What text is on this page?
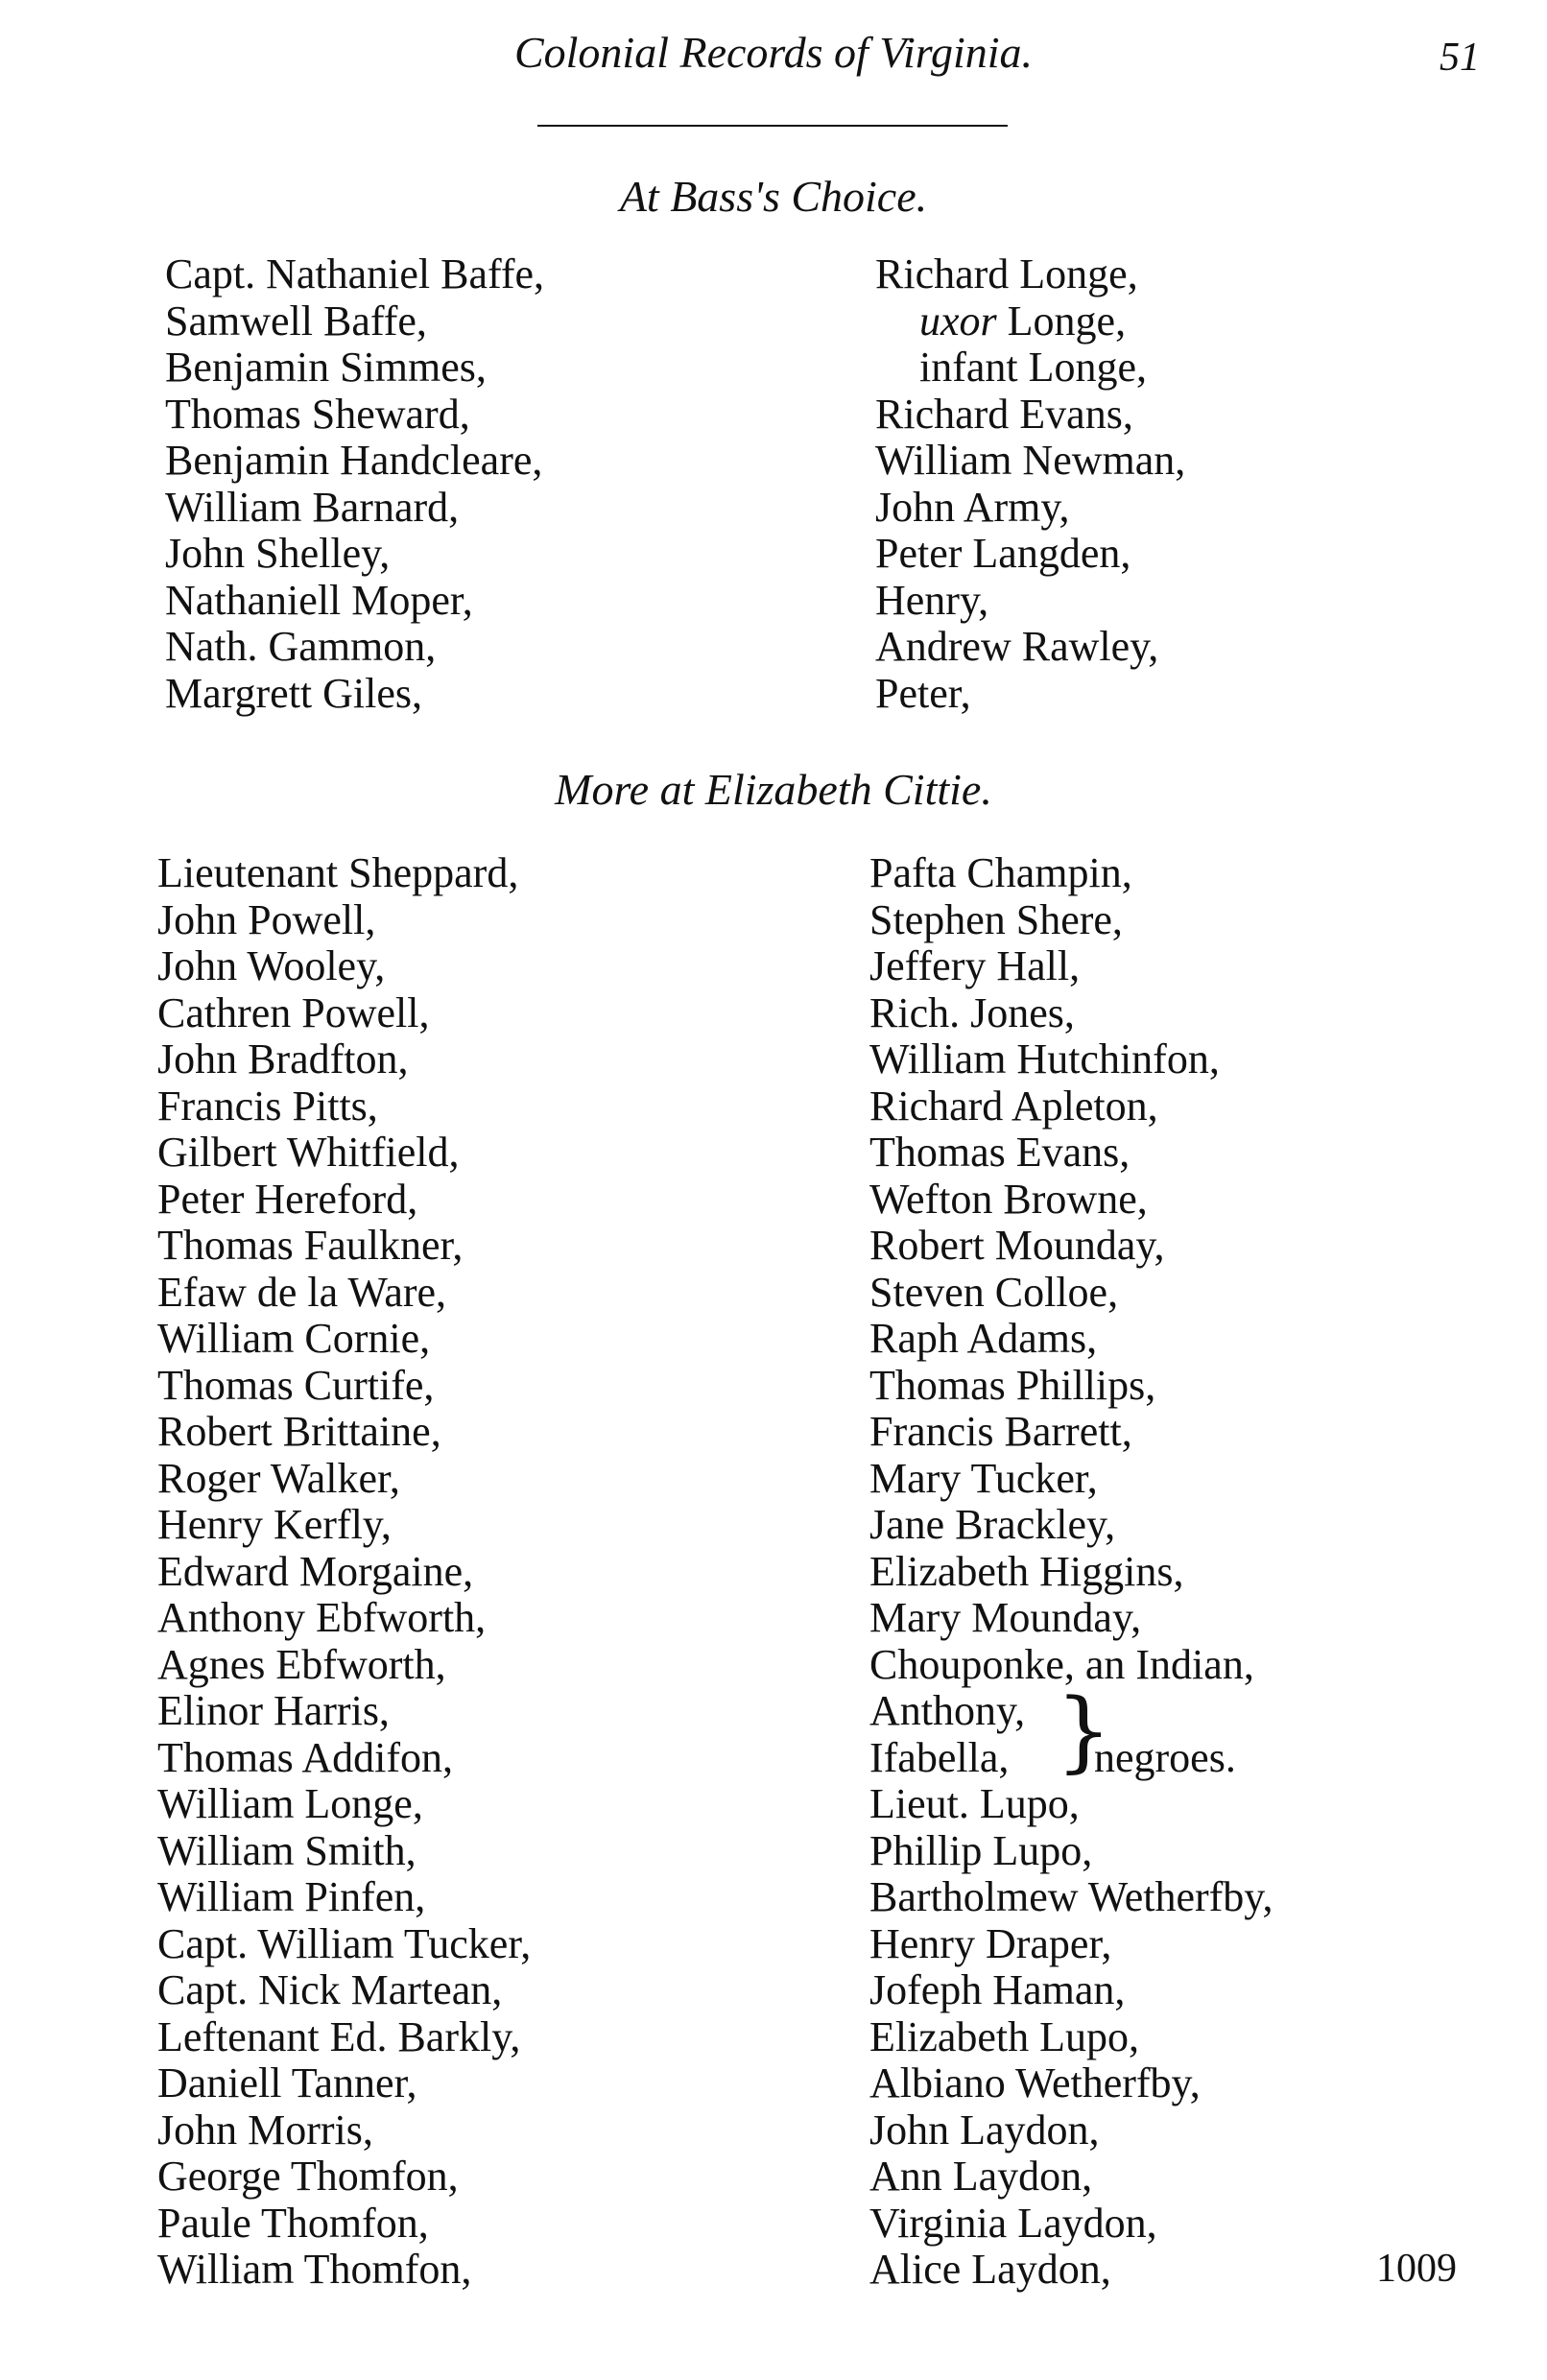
Colonial Records of Virginia.	51
At Bass's Choice.
Capt. Nathaniel Baffe,
Samwell Baffe,
Benjamin Simmes,
Thomas Sheward,
Benjamin Handcleare,
William Barnard,
John Shelley,
Nathaniell Moper,
Nath. Gammon,
Margrett Giles,
Richard Longe,
uxor Longe,
infant Longe,
Richard Evans,
William Newman,
John Army,
Peter Langden,
Henry,
Andrew Rawley,
Peter,
More at Elizabeth Cittie.
Lieutenant Sheppard,
John Powell,
John Wooley,
Cathren Powell,
John Bradfton,
Francis Pitts,
Gilbert Whitfield,
Peter Hereford,
Thomas Faulkner,
Efaw de la Ware,
William Cornie,
Thomas Curtife,
Robert Brittaine,
Roger Walker,
Henry Kerfly,
Edward Morgaine,
Anthony Ebfworth,
Agnes Ebfworth,
Elinor Harris,
Thomas Addifon,
William Longe,
William Smith,
William Pinfen,
Capt. William Tucker,
Capt. Nick Martean,
Leftenant Ed. Barkly,
Daniell Tanner,
John Morris,
George Thomfon,
Paule Thomfon,
William Thomfon,
Pafta Champin,
Stephen Shere,
Jeffery Hall,
Rich. Jones,
William Hutchinfon,
Richard Apleton,
Thomas Evans,
Wefton Browne,
Robert Mounday,
Steven Colloe,
Raph Adams,
Thomas Phillips,
Francis Barrett,
Mary Tucker,
Jane Brackley,
Elizabeth Higgins,
Mary Mounday,
Chouponke, an Indian,
Anthony,
Ifabella,
Lieut. Lupo,
Phillip Lupo,
Bartholmew Wetherfby,
Henry Draper,
Jofeph Haman,
Elizabeth Lupo,
Albiano Wetherfby,
John Laydon,
Ann Laydon,
Virginia Laydon,
Alice Laydon,
}
negroes.
1009
